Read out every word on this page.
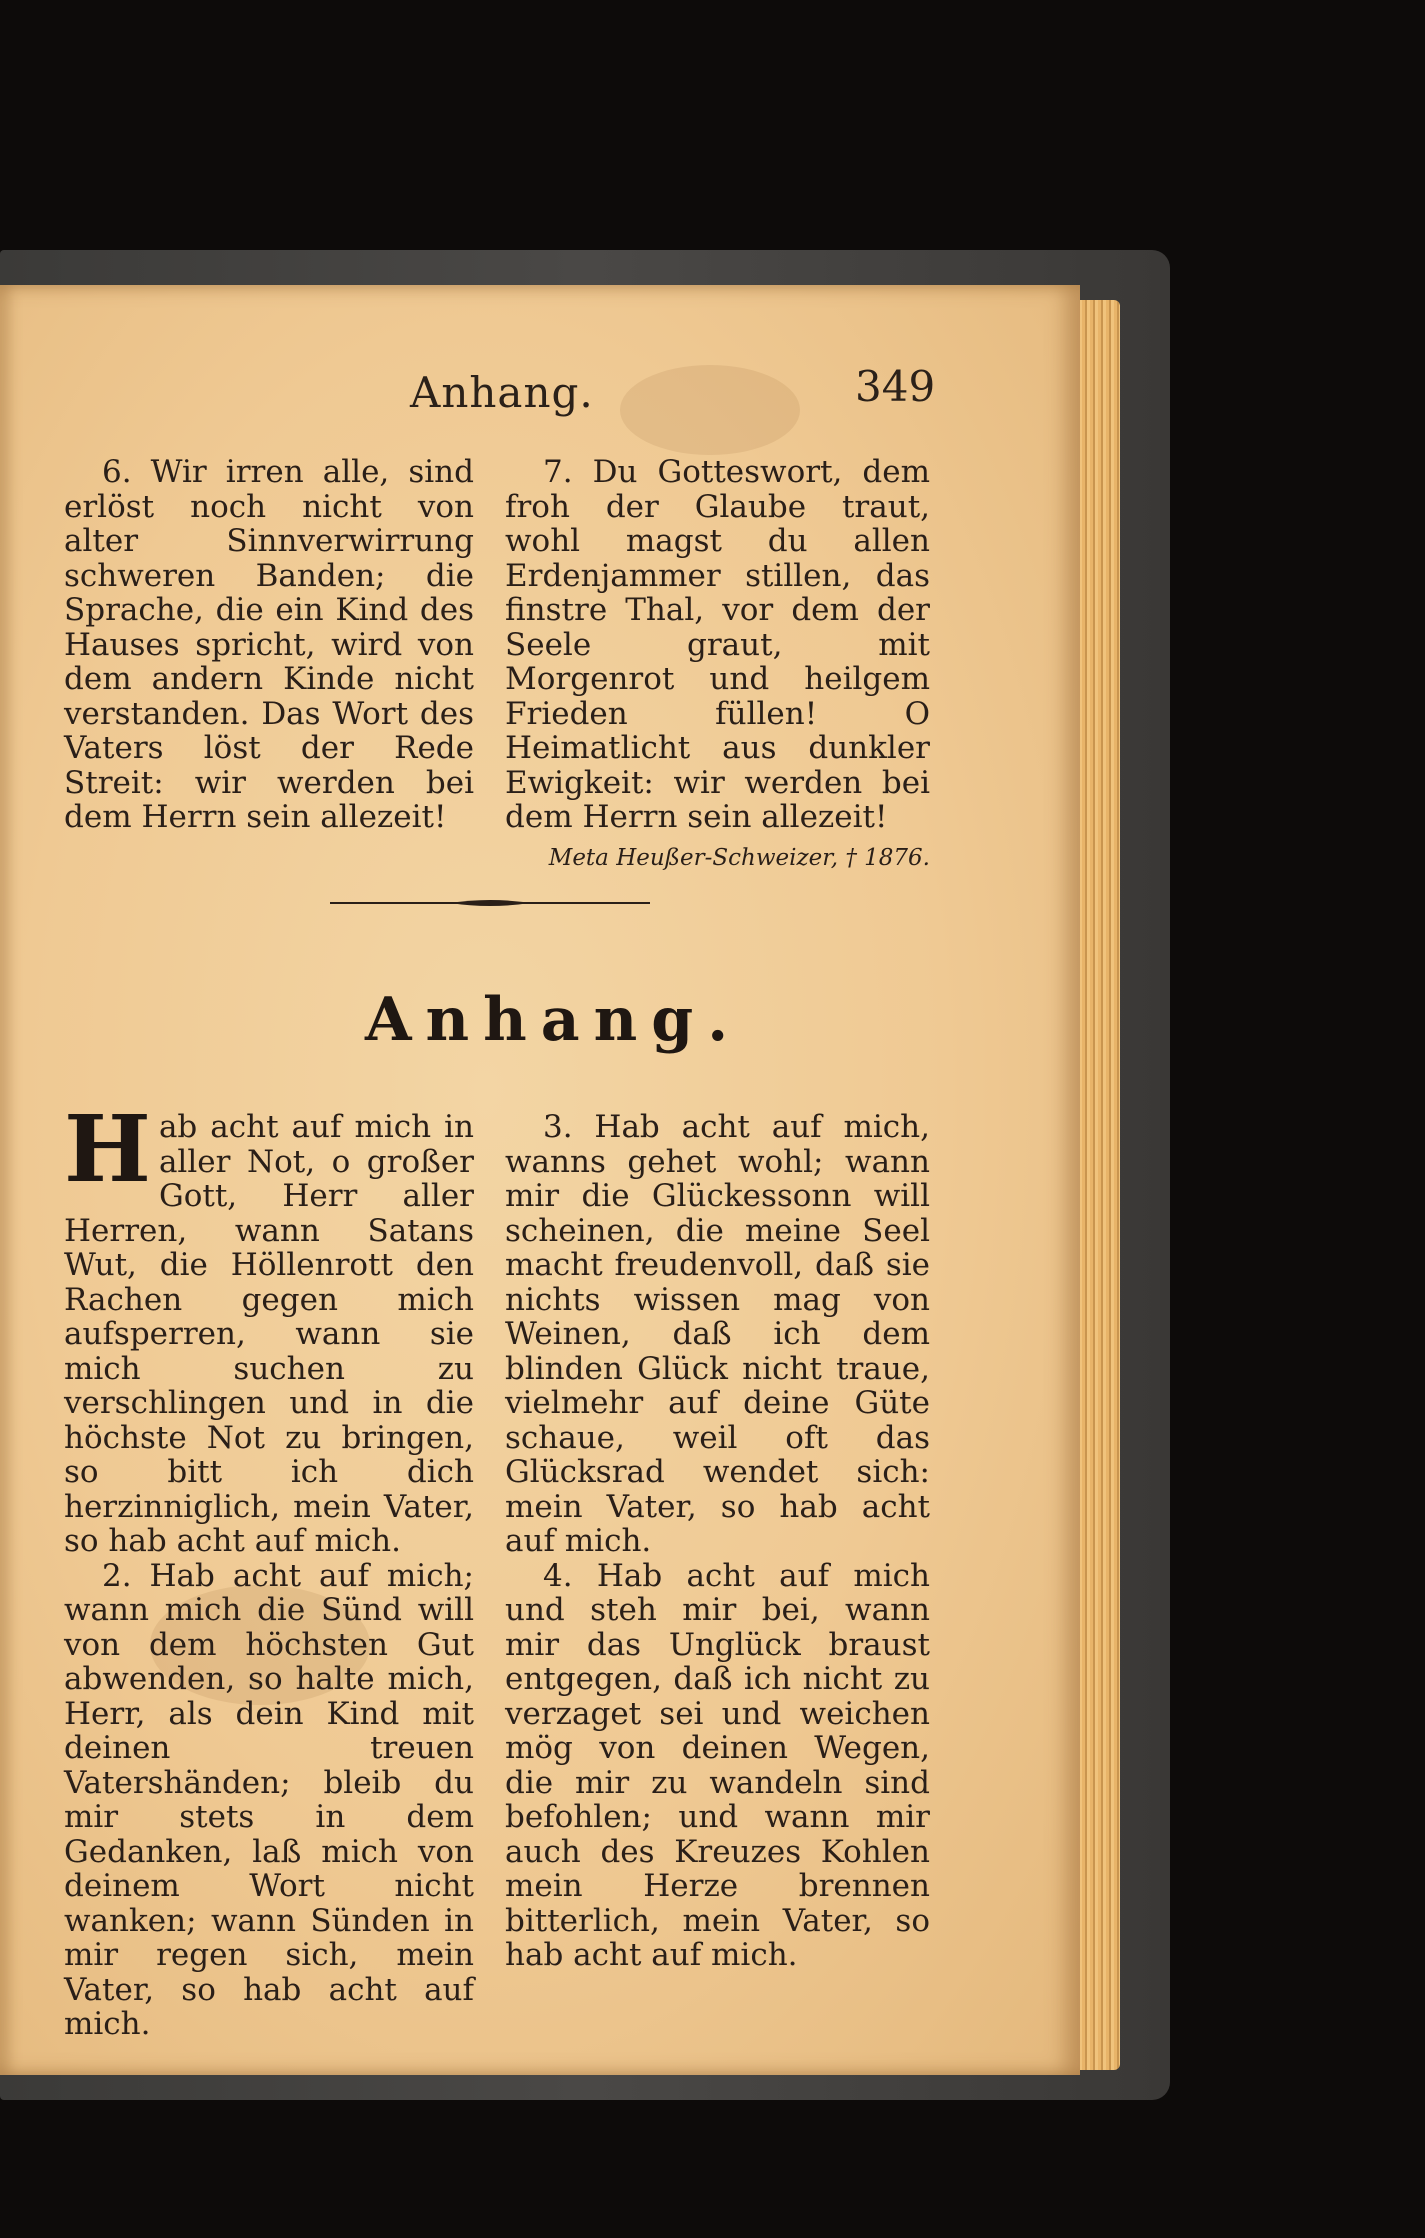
Anhang.	349

6. Wir irren alle, sind erlöst noch nicht von alter Sinnverwirrung schweren Banden; die Sprache, die ein Kind des Hauses spricht, wird von dem andern Kinde nicht verstanden. Das Wort des Vaters löst der Rede Streit: wir werden bei dem Herrn sein allezeit!

7. Du Gotteswort, dem froh der Glaube traut, wohl magst du allen Erdenjammer stillen, das finstre Thal, vor dem der Seele graut, mit Morgenrot und heilgem Frieden füllen! O Heimatlicht aus dunkler Ewigkeit: wir werden bei dem Herrn sein allezeit!

Meta Heußer-Schweizer, † 1876.
Anhang.

H ab acht auf mich in aller Not, o großer Gott, Herr aller Herren, wann Satans Wut, die Höllenrott den Rachen gegen mich aufsperren, wann sie mich suchen zu verschlingen und in die höchste Not zu bringen, so bitt ich dich herzinniglich, mein Vater, so hab acht auf mich.

2. Hab acht auf mich; wann mich die Sünd will von dem höchsten Gut abwenden, so halte mich, Herr, als dein Kind mit deinen treuen Vatershänden; bleib du mir stets in dem Gedanken, laß mich von deinem Wort nicht wanken; wann Sünden in mir regen sich, mein Vater, so hab acht auf mich.

3. Hab acht auf mich, wanns gehet wohl; wann mir die Glückessonn will scheinen, die meine Seel macht freudenvoll, daß sie nichts wissen mag von Weinen, daß ich dem blinden Glück nicht traue, vielmehr auf deine Güte schaue, weil oft das Glücksrad wendet sich: mein Vater, so hab acht auf mich.

4. Hab acht auf mich und steh mir bei, wann mir das Unglück braust entgegen, daß ich nicht zu verzaget sei und weichen mög von deinen Wegen, die mir zu wandeln sind befohlen; und wann mir auch des Kreuzes Kohlen mein Herze brennen bitterlich, mein Vater, so hab acht auf mich.
